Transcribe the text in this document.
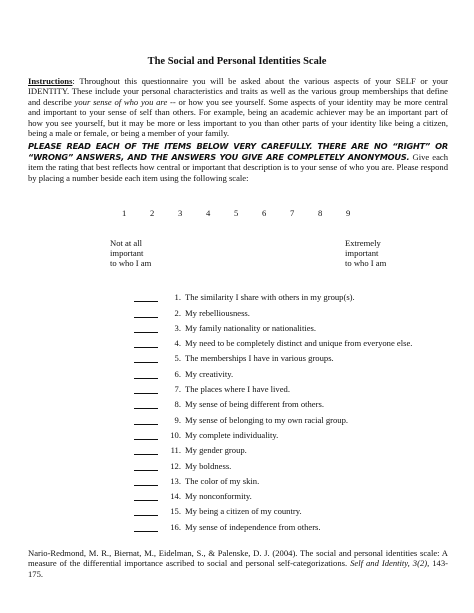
The Social and Personal Identities Scale
Instructions: Throughout this questionnaire you will be asked about the various aspects of your SELF or your IDENTITY. These include your personal characteristics and traits as well as the various group memberships that define and describe your sense of who you are -- or how you see yourself. Some aspects of your identity may be more central and important to your sense of self than others. For example, being an academic achiever may be an important part of how you see yourself, but it may be more or less important to you than other parts of your identity like being a citizen, being a male or female, or being a member of your family.
PLEASE READ EACH OF THE ITEMS BELOW VERY CAREFULLY. THERE ARE NO “RIGHT” OR “WRONG” ANSWERS, AND THE ANSWERS YOU GIVE ARE COMPLETELY ANONYMOUS. Give each item the rating that best reflects how central or important that description is to your sense of who you are. Please respond by placing a number beside each item using the following scale:
1	2	3	4	5	6	7	8	9
Not at all
important
to who I am
Extremely
important
to who I am
1. The similarity I share with others in my group(s).
2. My rebelliousness.
3. My family nationality or nationalities.
4. My need to be completely distinct and unique from everyone else.
5. The memberships I have in various groups.
6. My creativity.
7. The places where I have lived.
8. My sense of being different from others.
9. My sense of belonging to my own racial group.
10. My complete individuality.
11. My gender group.
12. My boldness.
13. The color of my skin.
14. My nonconformity.
15. My being a citizen of my country.
16. My sense of independence from others.
Nario-Redmond, M. R., Biernat, M., Eidelman, S., & Palenske, D. J. (2004). The social and personal identities scale: A measure of the differential importance ascribed to social and personal self-categorizations. Self and Identity, 3(2), 143-175.
